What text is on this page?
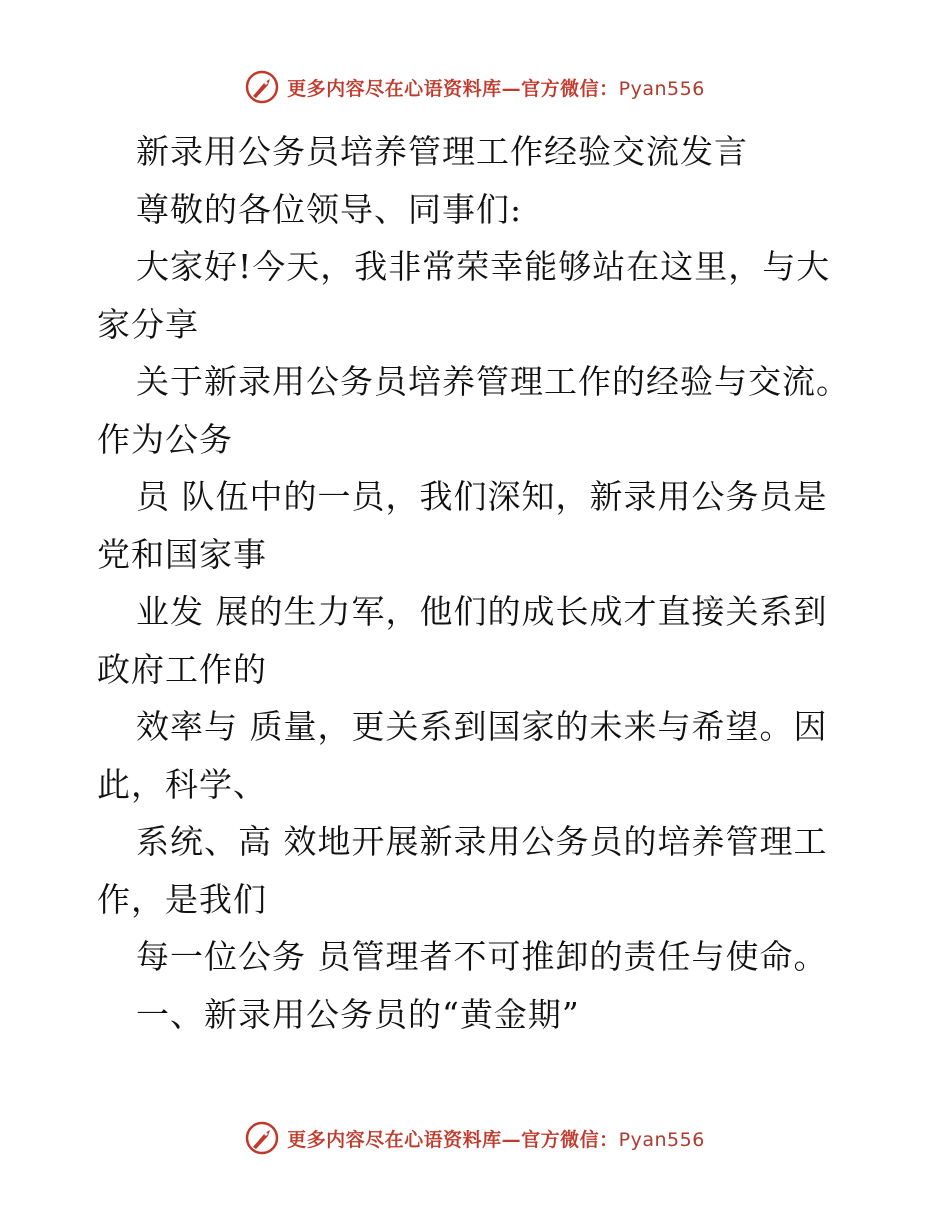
更多内容尽在心语资料库—官方微信：Pyan556

新录用公务员培养管理工作经验交流发言

尊敬的各位领导、同事们:

大家好!今天，我非常荣幸能够站在这里，与大

家分享

关于新录用公务员培养管理工作的经验与交流。

作为公务

员 队伍中的一员，我们深知，新录用公务员是

党和国家事

业发 展的生力军，他们的成长成才直接关系到

政府工作的

效率与 质量，更关系到国家的未来与希望。因

此，科学、

系统、高 效地开展新录用公务员的培养管理工

作，是我们

每一位公务 员管理者不可推卸的责任与使命。

一、新录用公务员的“黄金期”

更多内容尽在心语资料库—官方微信：Pyan556
